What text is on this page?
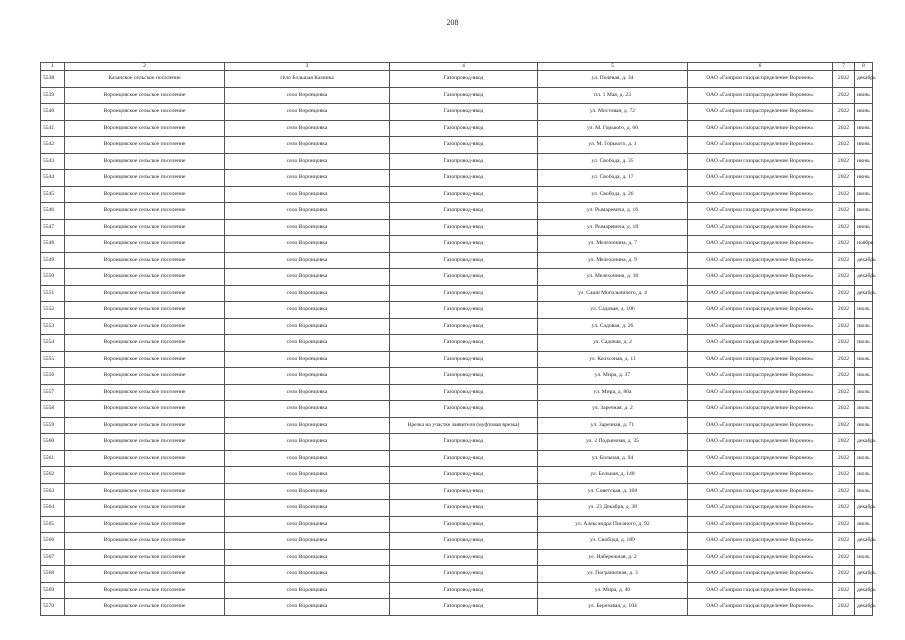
208
1	2	3	4	5	6	7	8
5538	Казанское сельское поселение	село Большая Казинка	Газопровод-ввод	ул. Полевая, д. 34	ОАО «Газпром газораспределение Воронеж»	2022	декабрь
5539	Воронцовское сельское поселение	село Воронцовка	Газопровод-ввод	пл. 1 Мая, д. 23	ОАО «Газпром газораспределение Воронеж»	2022	июнь
5540	Воронцовское сельское поселение	село Воронцовка	Газопровод-ввод	ул. Мостовая, д. 72	ОАО «Газпром газораспределение Воронеж»	2022	июнь
5541	Воронцовское сельское поселение	село Воронцовка	Газопровод-ввод	ул. М. Горького, д. 60	ОАО «Газпром газораспределение Воронеж»	2022	июнь
5542	Воронцовское сельское поселение	село Воронцовка	Газопровод-ввод	ул. М. Горького, д. 1	ОАО «Газпром газораспределение Воронеж»	2022	июнь
5543	Воронцовское сельское поселение	село Воронцовка	Газопровод-ввод	ул. Свобода, д. 35	ОАО «Газпром газораспределение Воронеж»	2022	июнь
5544	Воронцовское сельское поселение	село Воронцовка	Газопровод-ввод	ул. Свобода, д. 17	ОАО «Газпром газораспределение Воронеж»	2022	июнь
5545	Воронцовское сельское поселение	село Воронцовка	Газопровод-ввод	ул. Свобода, д. 26	ОАО «Газпром газораспределение Воронеж»	2022	июнь
5546	Воронцовское сельское поселение	село Воронцовка	Газопровод-ввод	ул. Рымаревича, д. 16	ОАО «Газпром газораспределение Воронеж»	2022	июнь
5547	Воронцовское сельское поселение	село Воронцовка	Газопровод-ввод	ул. Рымаревича, д. 18	ОАО «Газпром газораспределение Воронеж»	2022	июнь
5548	Воронцовское сельское поселение	село Воронцовка	Газопровод-ввод	ул. Мелехонина, д. 7	ОАО «Газпром газораспределение Воронеж»	2022	ноябрь
5549	Воронцовское сельское поселение	село Воронцовка	Газопровод-ввод	ул. Мелехонина, д. 9	ОАО «Газпром газораспределение Воронеж»	2022	декабрь
5550	Воронцовское сельское поселение	село Воронцовка	Газопровод-ввод	ул. Мелехонина, д. 10	ОАО «Газпром газораспределение Воронеж»	2022	декабрь
5551	Воронцовское сельское поселение	село Воронцовка	Газопровод-ввод	ул. Саши Могильничего, д. 4	ОАО «Газпром газораспределение Воронеж»	2022	декабрь
5552	Воронцовское сельское поселение	село Воронцовка	Газопровод-ввод	ул. Садовая, д. 106	ОАО «Газпром газораспределение Воронеж»	2022	июль
5553	Воронцовское сельское поселение	село Воронцовка	Газопровод-ввод	ул. Садовая, д. 26	ОАО «Газпром газораспределение Воронеж»	2022	июль
5554	Воронцовское сельское поселение	село Воронцовка	Газопровод-ввод	ул. Садовая, д. 2	ОАО «Газпром газораспределение Воронеж»	2022	июль
5555	Воронцовское сельское поселение	село Воронцовка	Газопровод-ввод	ул. Колхозная, д. 11	ОАО «Газпром газораспределение Воронеж»	2022	июль
5556	Воронцовское сельское поселение	село Воронцовка	Газопровод-ввод	ул. Мира, д. 37	ОАО «Газпром газораспределение Воронеж»	2022	июль
5557	Воронцовское сельское поселение	село Воронцовка	Газопровод-ввод	ул. Мира, д. 80а	ОАО «Газпром газораспределение Воронеж»	2022	июль
5558	Воронцовское сельское поселение	село Воронцовка	Газопровод-ввод	ул. Заречная, д. 2	ОАО «Газпром газораспределение Воронеж»	2022	июль
5559	Воронцовское сельское поселение	село Воронцовка	Врезка на участке заявителя (муфтовая врезка)	ул. Заречная, д. 71	ОАО «Газпром газораспределение Воронеж»	2022	июль
5560	Воронцовское сельское поселение	село Воронцовка	Газопровод-ввод	ул. 2 Подъемная, д. 35	ОАО «Газпром газораспределение Воронеж»	2022	декабрь
5561	Воронцовское сельское поселение	село Воронцовка	Газопровод-ввод	ул. Больная, д. 94	ОАО «Газпром газораспределение Воронеж»	2022	июль
5562	Воронцовское сельское поселение	село Воронцовка	Газопровод-ввод	ул. Больная, д. 148	ОАО «Газпром газораспределение Воронеж»	2022	июль
5563	Воронцовское сельское поселение	село Воронцовка	Газопровод-ввод	ул. Советская, д. 168	ОАО «Газпром газораспределение Воронеж»	2022	июль
5564	Воронцовское сельское поселение	село Воронцовка	Газопровод-ввод	ул. 23 Декабря, д. 38	ОАО «Газпром газораспределение Воронеж»	2022	декабрь
5565	Воронцовское сельское поселение	село Воронцовка	Газопровод-ввод	ул. Александра Писаного, д. 92	ОАО «Газпром газораспределение Воронеж»	2022	июль
5566	Воронцовское сельское поселение	село Воронцовка	Газопровод-ввод	ул. Свобода, д. 189	ОАО «Газпром газораспределение Воронеж»	2022	декабрь
5567	Воронцовское сельское поселение	село Воронцовка	Газопровод-ввод	ул. Набережная, д. 2	ОАО «Газпром газораспределение Воронеж»	2022	июль
5568	Воронцовское сельское поселение	село Воронцовка	Газопровод-ввод	ул. Пограничная, д. 3	ОАО «Газпром газораспределение Воронеж»	2022	декабрь
5569	Воронцовское сельское поселение	село Воронцовка	Газопровод-ввод	ул. Мира, д. 40	ОАО «Газпром газораспределение Воронеж»	2022	декабрь
5570	Воронцовское сельское поселение	село Воронцовка	Газопровод-ввод	ул. Березовая, д. 104	ОАО «Газпром газораспределение Воронеж»	2022	декабрь
